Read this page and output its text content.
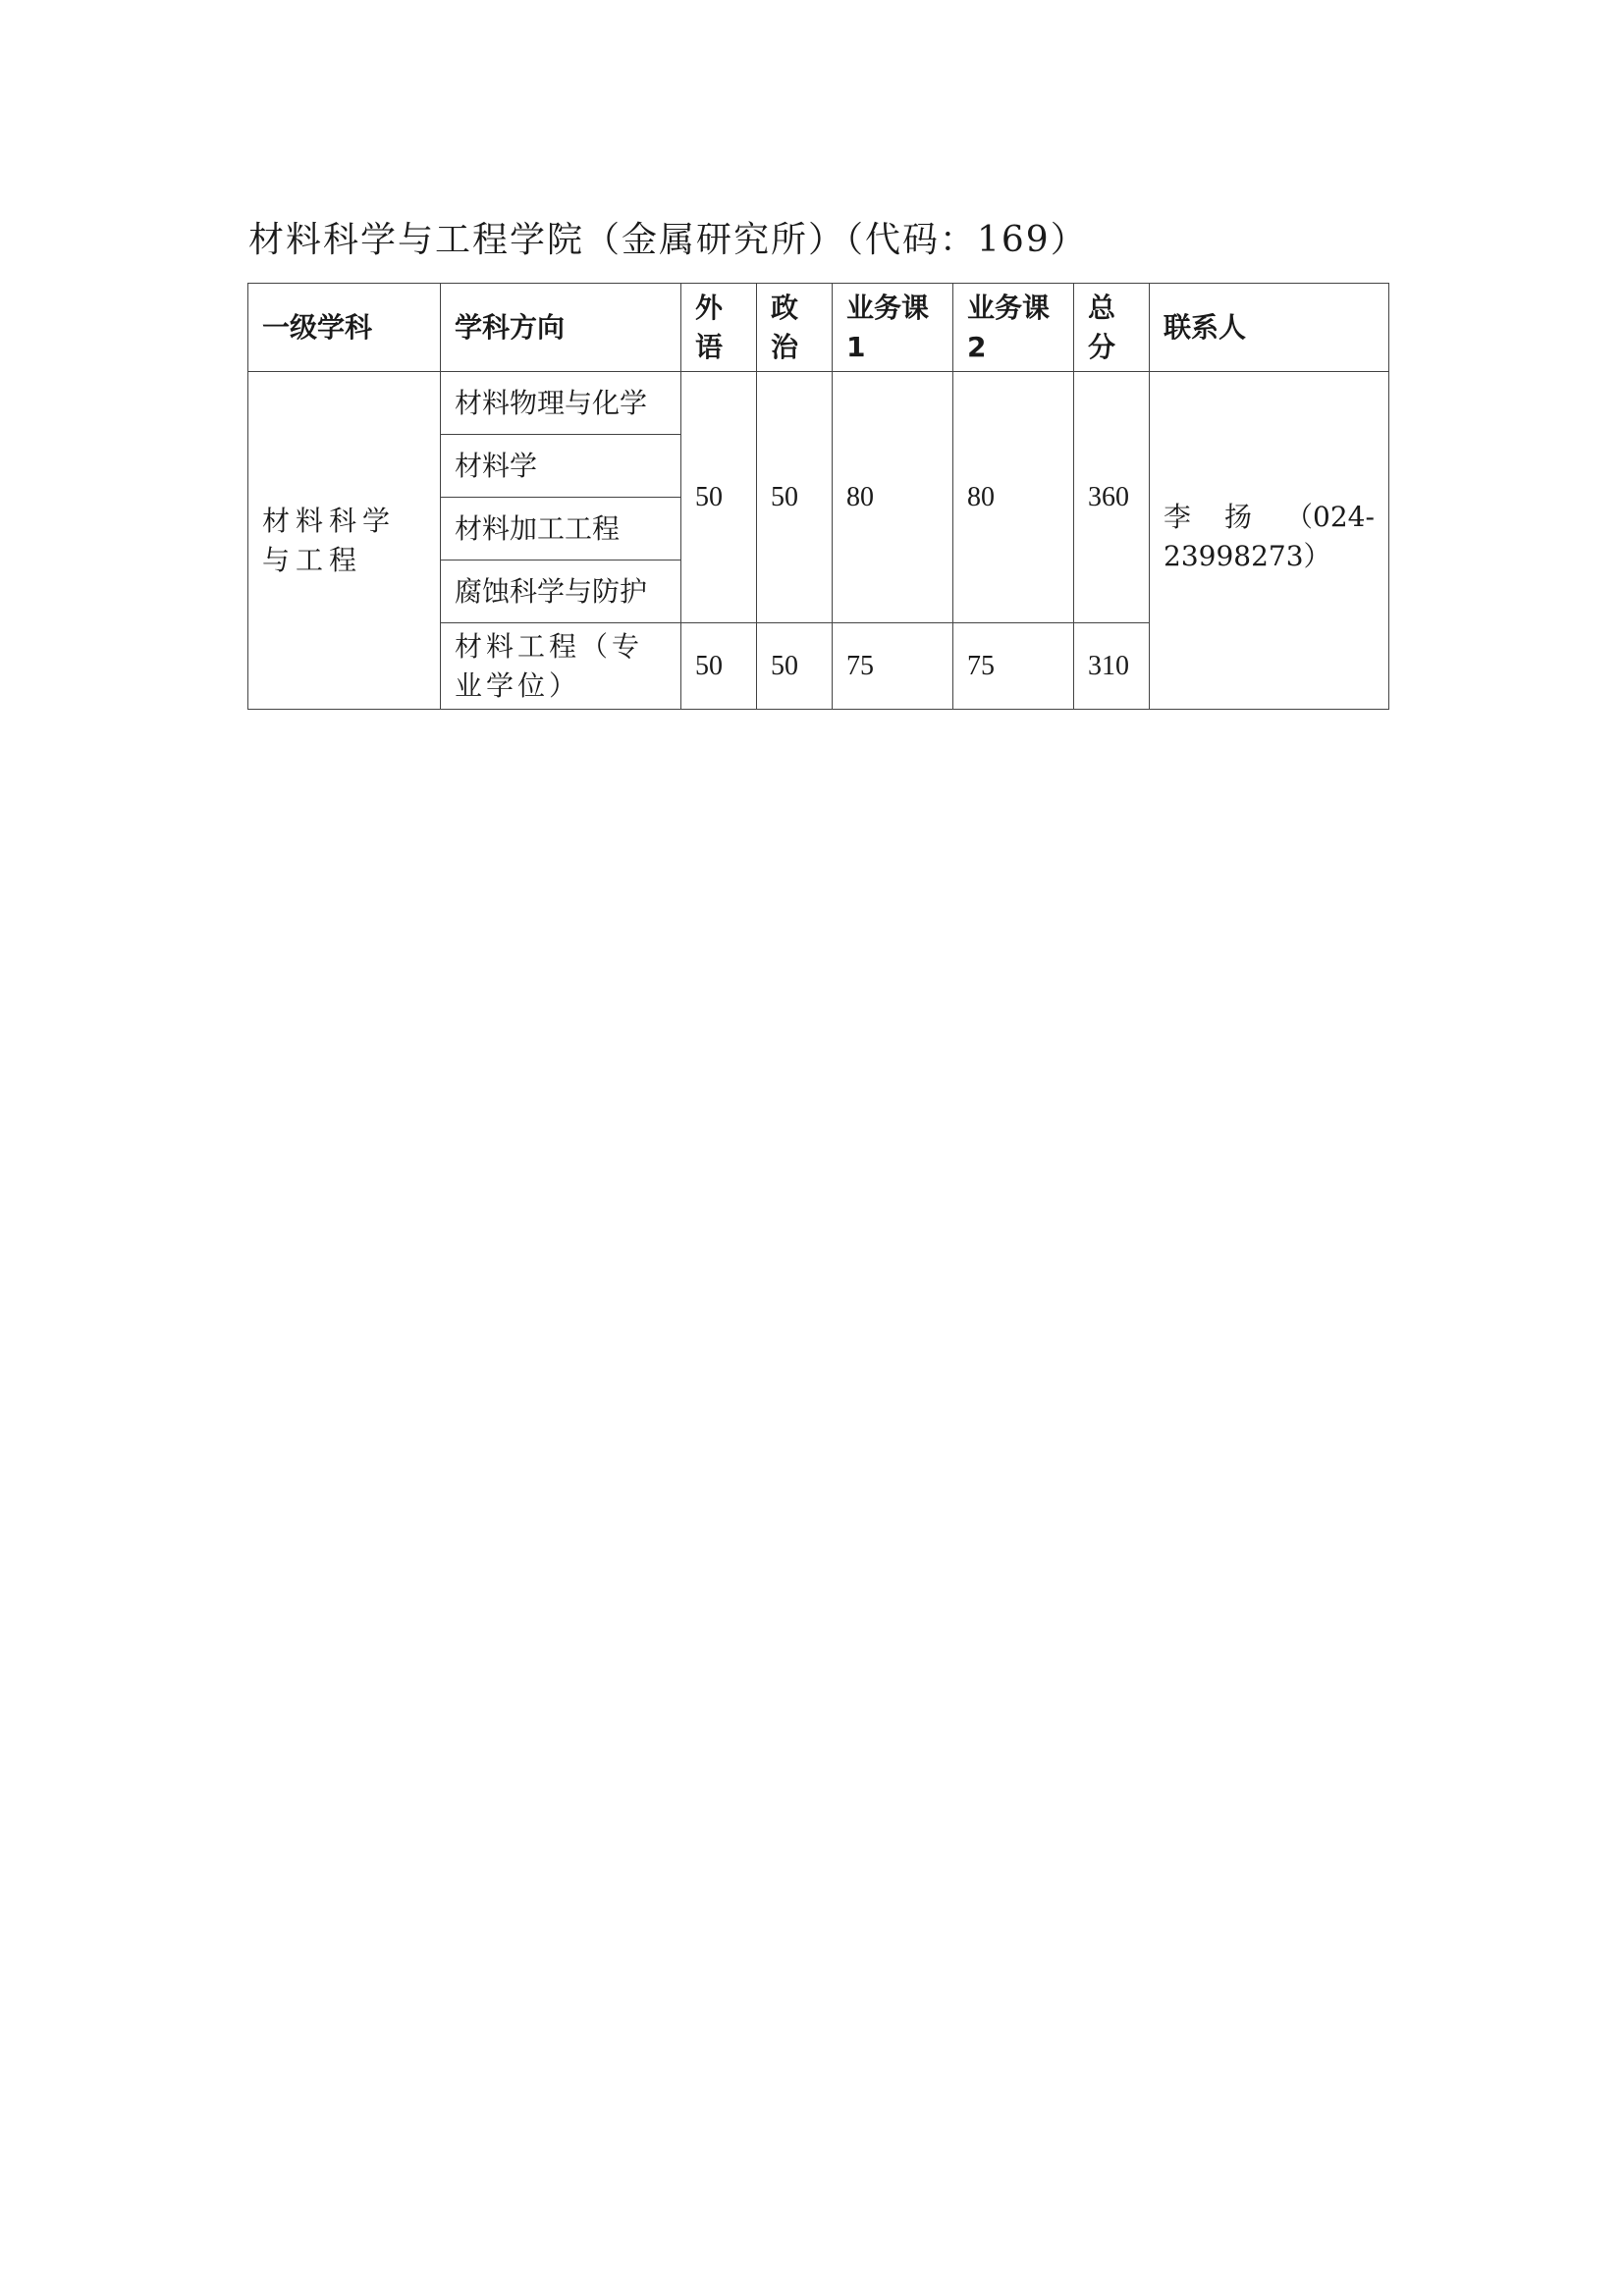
材料科学与工程学院（金属研究所）（代码：169）
一级学科	学科方向	外语	政治	业务课1	业务课2	总分	联系人
材料科学与工程	材料物理与化学	50	50	80	80	360	李扬（024-23998273）
	材料学						
	材料加工工程						
	腐蚀科学与防护						
	材料工程（专业学位）	50	50	75	75	310	
